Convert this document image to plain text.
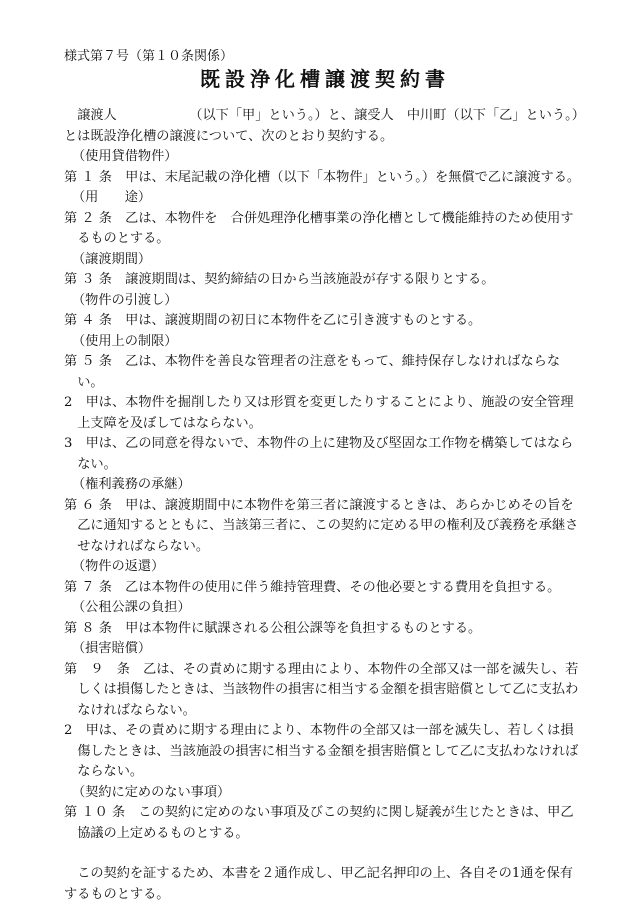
様式第７号（第１０条関係）

既設浄化槽譲渡契約書

譲渡人　　　　　　（以下「甲」という。）と、譲受人　中川町（以下「乙」という。）とは既設浄化槽の譲渡について、次のとおり契約する。

（使用貸借物件）

第 １ 条　甲は、末尾記載の浄化槽（以下「本物件」という。）を無償で乙に譲渡する。

（用　　途）

第 ２ 条　乙は、本物件を　合併処理浄化槽事業の浄化槽として機能維持のため使用するものとする。

（譲渡期間）

第 ３ 条　譲渡期間は、契約締結の日から当該施設が存する限りとする。

（物件の引渡し）

第 ４ 条　甲は、譲渡期間の初日に本物件を乙に引き渡すものとする。

（使用上の制限）

第 ５ 条　乙は、本物件を善良な管理者の注意をもって、維持保存しなければならない。

2　甲は、本物件を掘削したり又は形質を変更したりすることにより、施設の安全管理上支障を及ぼしてはならない。

3　甲は、乙の同意を得ないで、本物件の上に建物及び堅固な工作物を構築してはならない。

（権利義務の承継）

第 ６ 条　甲は、譲渡期間中に本物件を第三者に譲渡するときは、あらかじめその旨を乙に通知するとともに、当該第三者に、この契約に定める甲の権利及び義務を承継させなければならない。

（物件の返還）

第 ７ 条　乙は本物件の使用に伴う維持管理費、その他必要とする費用を負担する。

（公租公課の負担）

第 ８ 条　甲は本物件に賦課される公租公課等を負担するものとする。

（損害賠償）

第　９　条　乙は、その責めに期する理由により、本物件の全部又は一部を滅失し、若しくは損傷したときは、当該物件の損害に相当する金額を損害賠償として乙に支払わなければならない。

2　甲は、その責めに期する理由により、本物件の全部又は一部を滅失し、若しくは損傷したときは、当該施設の損害に相当する金額を損害賠償として乙に支払わなければならない。

（契約に定めのない事項）

第 １０ 条　この契約に定めのない事項及びこの契約に関し疑義が生じたときは、甲乙協議の上定めるものとする。

この契約を証するため、本書を２通作成し、甲乙記名押印の上、各自その1通を保有するものとする。
